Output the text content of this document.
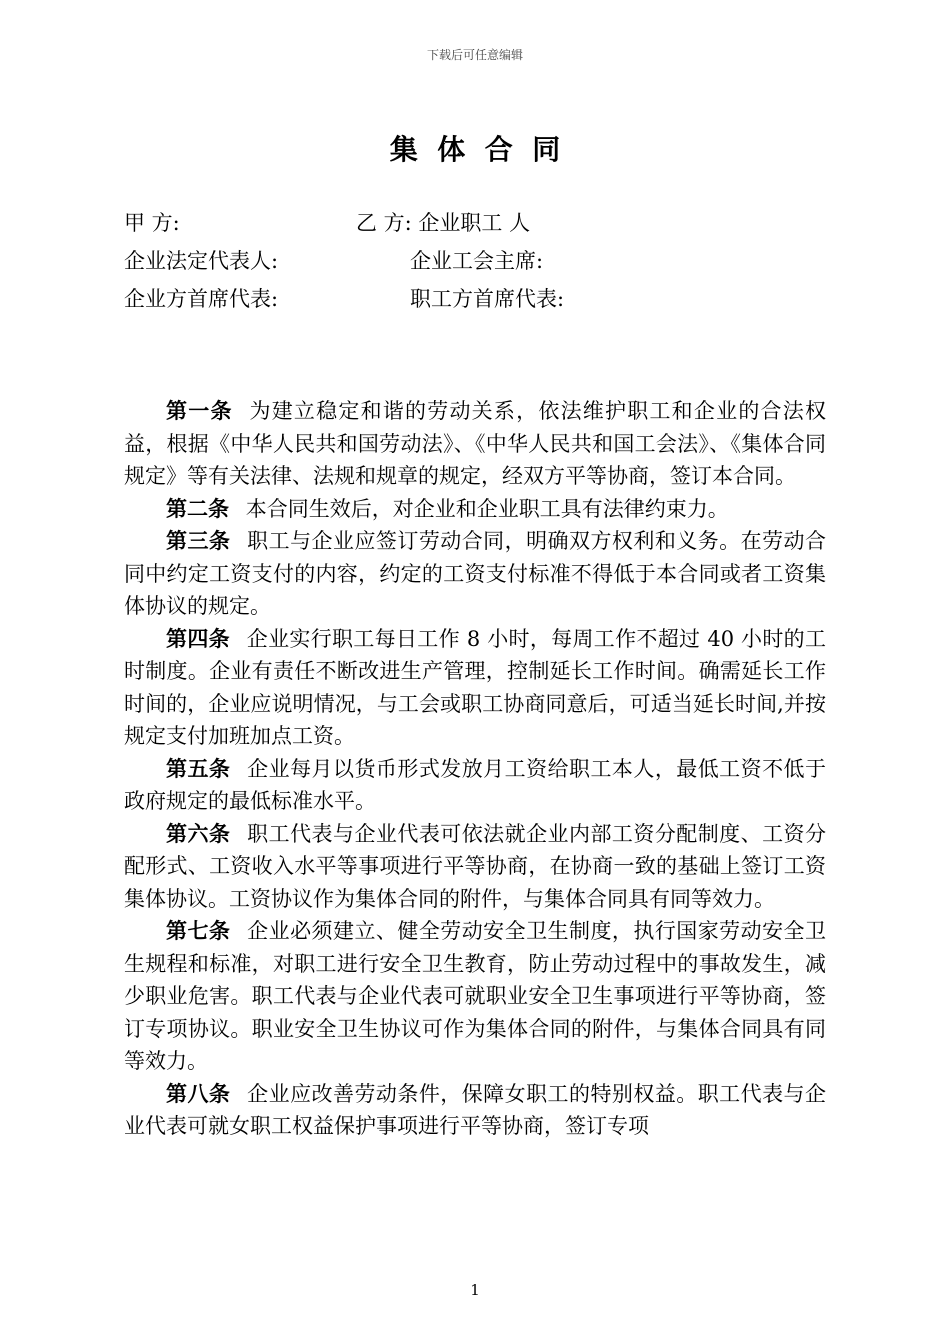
下载后可任意编辑
集  体  合  同
甲 方:	乙 方: 企业职工 人
企业法定代表人:	企业工会主席:
企业方首席代表:	职工方首席代表:

第一条 为建立稳定和谐的劳动关系，依法维护职工和企业的合法权益，根据《中华人民共和国劳动法》、《中华人民共和国工会法》、《集体合同规定》等有关法律、法规和规章的规定，经双方平等协商，签订本合同。

第二条 本合同生效后，对企业和企业职工具有法律约束力。

第三条 职工与企业应签订劳动合同，明确双方权利和义务。在劳动合同中约定工资支付的内容，约定的工资支付标准不得低于本合同或者工资集体协议的规定。

第四条 企业实行职工每日工作 8 小时，每周工作不超过 40 小时的工时制度。企业有责任不断改进生产管理，控制延长工作时间。确需延长工作时间的，企业应说明情况，与工会或职工协商同意后，可适当延长时间,并按规定支付加班加点工资。

第五条 企业每月以货币形式发放月工资给职工本人，最低工资不低于政府规定的最低标准水平。

第六条 职工代表与企业代表可依法就企业内部工资分配制度、工资分配形式、工资收入水平等事项进行平等协商，在协商一致的基础上签订工资集体协议。工资协议作为集体合同的附件，与集体合同具有同等效力。

第七条 企业必须建立、健全劳动安全卫生制度，执行国家劳动安全卫生规程和标准，对职工进行安全卫生教育，防止劳动过程中的事故发生，减少职业危害。职工代表与企业代表可就职业安全卫生事项进行平等协商，签订专项协议。职业安全卫生协议可作为集体合同的附件，与集体合同具有同等效力。

第八条 企业应改善劳动条件，保障女职工的特别权益。职工代表与企业代表可就女职工权益保护事项进行平等协商，签订专项

1
